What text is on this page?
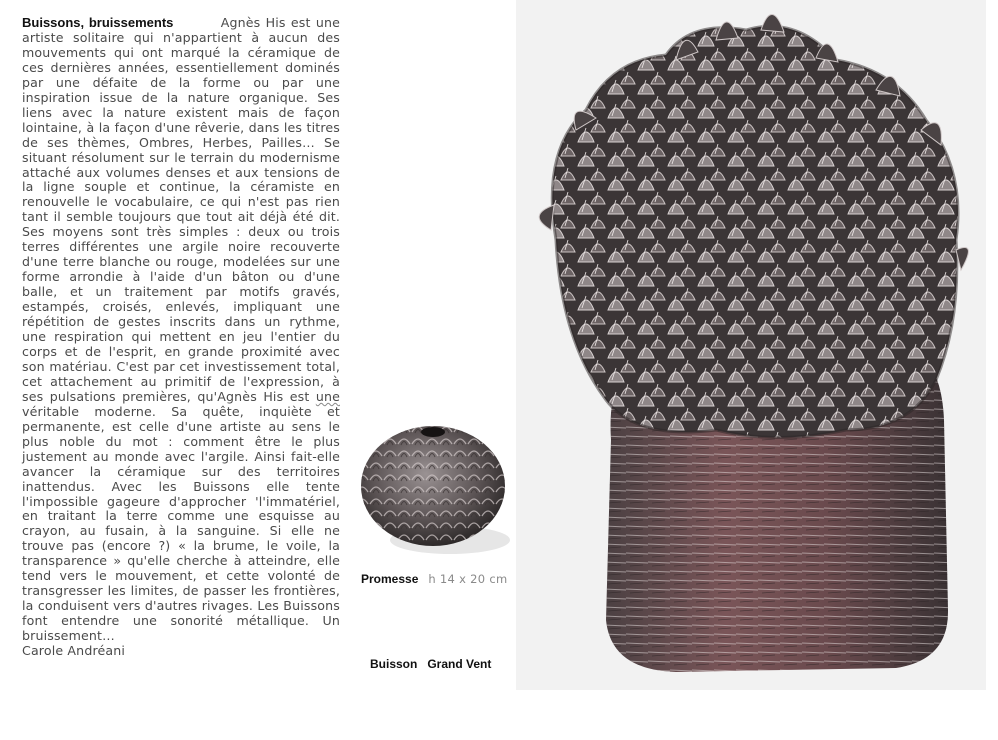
Buissons, bruissements	Agnès His est une artiste solitaire qui n'appartient à aucun des mouvements qui ont marqué la céramique de ces dernières années, essentiellement dominés par une défaite de la forme ou par une inspiration issue de la nature organique. Ses liens avec la nature existent mais de façon lointaine, à la façon d'une rêverie, dans les titres de ses thèmes, Ombres, Herbes, Pailles… Se situant résolument sur le terrain du modernisme attaché aux volumes denses et aux tensions de la ligne souple et continue, la céramiste en renouvelle le vocabulaire, ce qui n'est pas rien tant il semble toujours que tout ait déjà été dit. Ses moyens sont très simples : deux ou trois terres différentes une argile noire recouverte d'une terre blanche ou rouge, modelées sur une forme arrondie à l'aide d'un bâton ou d'une balle, et un traitement par motifs gravés, estampés, croisés, enlevés, impliquant une répétition de gestes inscrits dans un rythme, une respiration qui mettent en jeu l'entier du corps et de l'esprit, en grande proximité avec son matériau. C'est par cet investissement total, cet attachement au primitif de l'expression, à ses pulsations premières, qu'Agnès His est une véritable moderne. Sa quête, inquiète et permanente, est celle d'une artiste au sens le plus noble du mot : comment être le plus justement au monde avec l'argile. Ainsi fait-elle avancer la céramique sur des territoires inattendus. Avec les Buissons elle tente l'impossible gageure d'approcher 'l'immatériel, en traitant la terre comme une esquisse au crayon, au fusain, à la sanguine. Si elle ne trouve pas (encore ?) « la brume, le voile, la transparence » qu'elle cherche à atteindre, elle tend vers le mouvement, et cette volonté de transgresser les limites, de passer les frontières, la conduisent vers d'autres rivages. Les Buissons font entendre une sonorité métallique. Un bruissement…
Carole Andréani
Promesse h 14 x 20 cm
Buisson   Grand Vent
